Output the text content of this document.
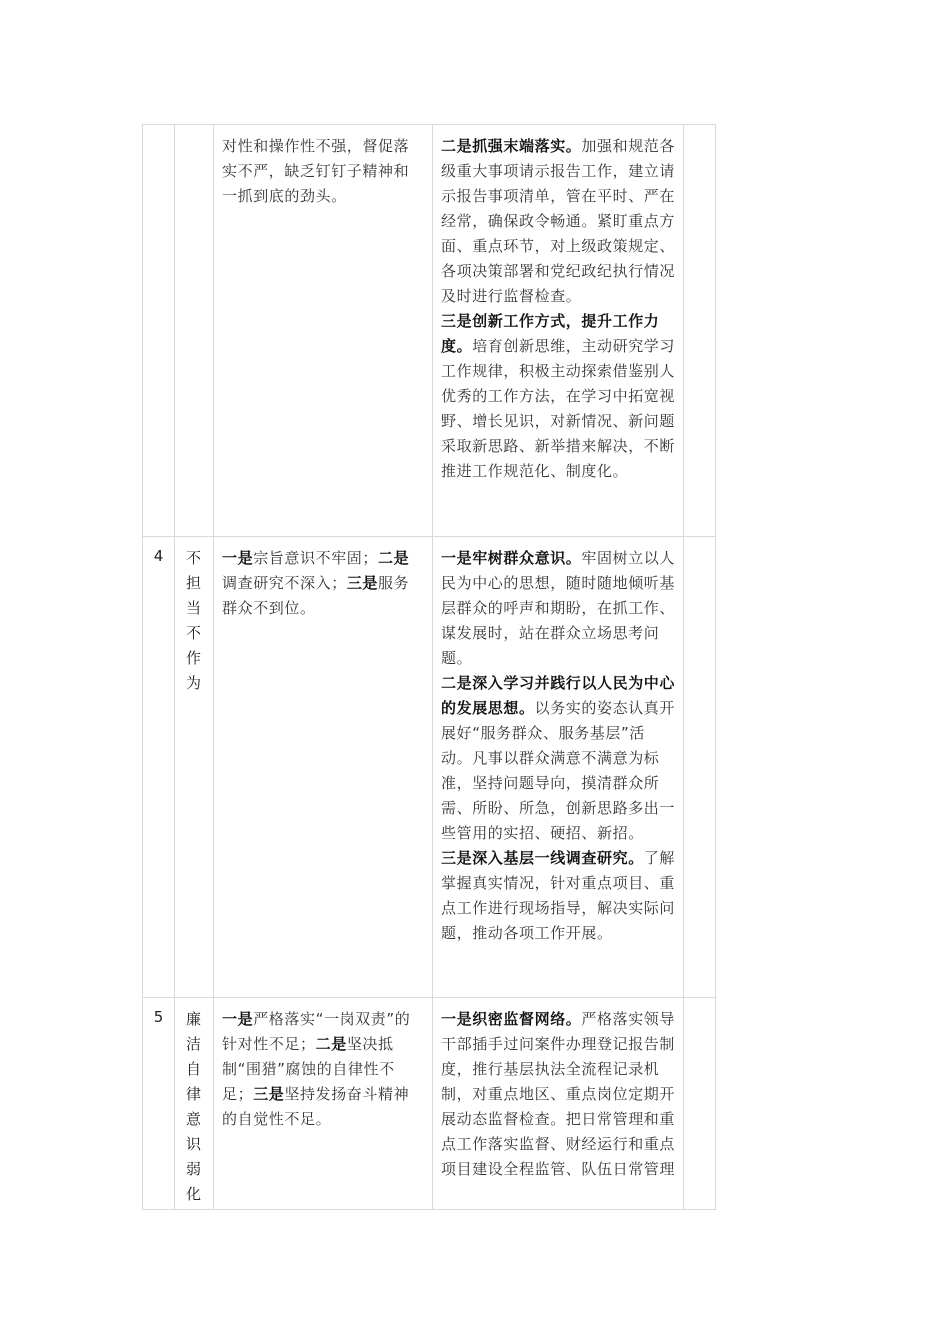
		对性和操作性不强，督促落实不严，缺乏钉钉子精神和一抓到底的劲头。	二是抓强末端落实。加强和规范各级重大事项请示报告工作，建立请示报告事项清单，管在平时、严在经常，确保政令畅通。紧盯重点方面、重点环节，对上级政策规定、各项决策部署和党纪政纪执行情况及时进行监督检查。

三是创新工作方式，提升工作力度。培育创新思维，主动研究学习工作规律，积极主动探索借鉴别人优秀的工作方法，在学习中拓宽视野、增长见识，对新情况、新问题采取新思路、新举措来解决，不断推进工作规范化、制度化。	

4	不担当不作为	一是宗旨意识不牢固；二是调查研究不深入；三是服务群众不到位。	一是牢树群众意识。牢固树立以人民为中心的思想，随时随地倾听基层群众的呼声和期盼，在抓工作、谋发展时，站在群众立场思考问题。

二是深入学习并践行以人民为中心的发展思想。以务实的姿态认真开展好“服务群众、服务基层”活动。凡事以群众满意不满意为标准，坚持问题导向，摸清群众所需、所盼、所急，创新思路多出一些管用的实招、硬招、新招。

三是深入基层一线调查研究。了解掌握真实情况，针对重点项目、重点工作进行现场指导，解决实际问题，推动各项工作开展。	

5	廉洁自律意识弱化	一是严格落实“一岗双责”的针对性不足；二是坚决抵制“围猎”腐蚀的自律性不足；三是坚持发扬奋斗精神的自觉性不足。	一是织密监督网络。严格落实领导干部插手过问案件办理登记报告制度，推行基层执法全流程记录机制，对重点地区、重点岗位定期开展动态监督检查。把日常管理和重点工作落实监督、财经运行和重点项目建设全程监管、队伍日常管理	
